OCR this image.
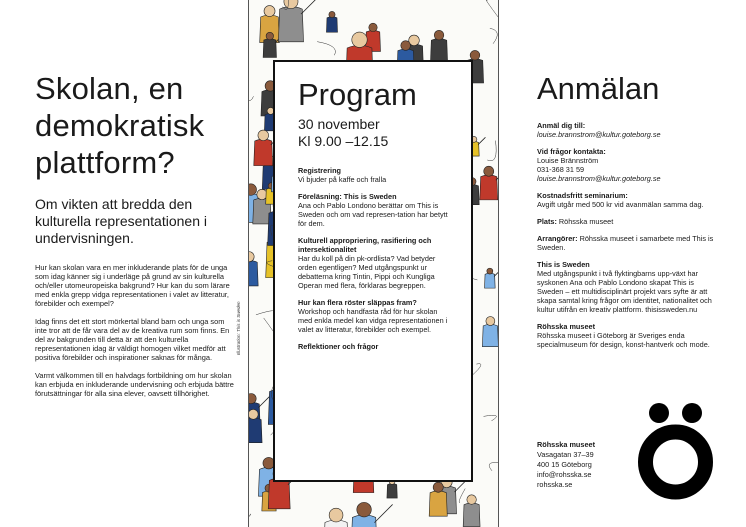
Skolan, en demokratisk plattform?
Om vikten att bredda den kulturella representationen i undervisningen.

Hur kan skolan vara en mer inkluderande plats för de unga som idag känner sig i underläge på grund av sin kulturella och/eller utomeuropeiska bakgrund? Hur kan du som lärare med enkla grepp vidga representationen i valet av litteratur, förebilder och exempel?

Idag finns det ett stort mörkertal bland barn och unga som inte tror att de får vara del av de kreativa rum som finns. En del av bakgrunden till detta är att den kulturella representationen idag är väldigt homogen vilket medför att positiva förebilder och inspirationer saknas för många.

Varmt välkommen till en halvdags fortbildning om hur skolan kan erbjuda en inkluderande undervisning och erbjuda bättre förutsättningar för alla sina elever, oavsett tillhörighet.

Illustration: This is Sweden
Program
30 november
Kl 9.00 –12.15
Registrering
Vi bjuder på kaffe och fralla
Föreläsning: This is Sweden
Ana och Pablo Londono berättar om This is Sweden och om vad represen-tation har betytt för dem.
Kulturell appropriering, rasifiering och intersektionalitet
Har du koll på din pk-ordlista? Vad betyder orden egentligen? Med utgångspunkt ur debatterna kring Tintin, Pippi och Kungliga Operan med flera, förklaras begreppen.
Hur kan flera röster släppas fram?
Workshop och handfasta råd för hur skolan med enkla medel kan vidga representationen i valet av litteratur, förebilder och exempel.
Reflektioner och frågor
Anmälan
Anmäl dig till:
louise.brannstrom@kultur.goteborg.se
Vid frågor kontakta:
Louise Brännström
031-368 31 59
louise.brannstrom@kultur.goteborg.se
Kostnadsfritt seminarium:
Avgift utgår med 500 kr vid avanmälan samma dag.
Plats: Röhsska museet
Arrangörer: Röhsska museet i samarbete med This is Sweden.
This is Sweden
Med utgångspunkt i två flyktingbarns upp-växt har syskonen Ana och Pablo Londono skapat This is Sweden – ett multidisciplinärt projekt vars syfte är att skapa samtal kring frågor om identitet, nationalitet och kultur utifrån en kreativ plattform. thisissweden.nu
Röhsska museet
Röhsska museet i Göteborg är Sveriges enda specialmuseum för design, konst-hantverk och mode.
Röhsska museet
Vasagatan 37–39
400 15 Göteborg
info@rohsska.se
rohsska.se
